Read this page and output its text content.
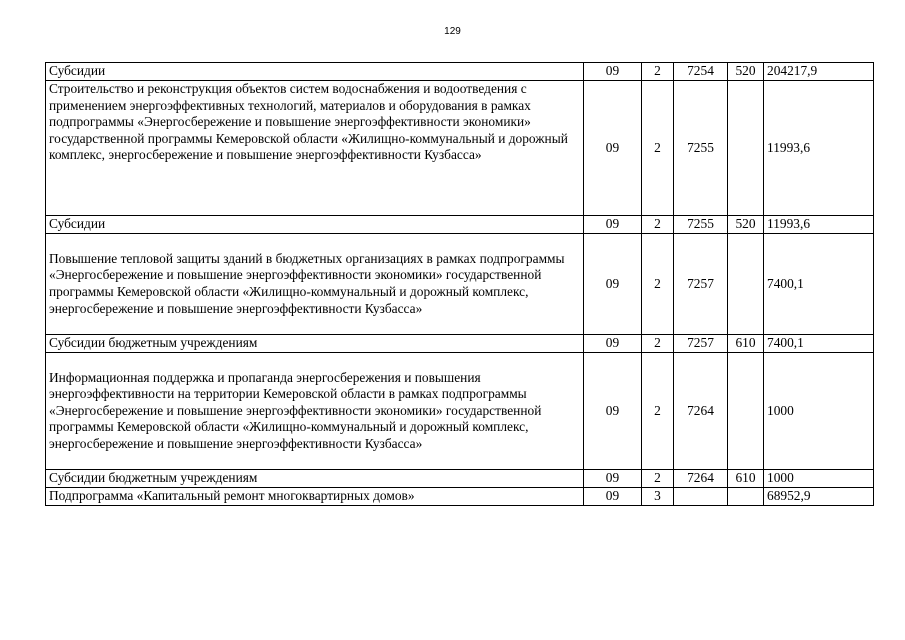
129
Субсидии	09	2	7254	520	204217,9
Строительство и реконструкция объектов систем водоснабжения и водоотведения с применением энергоэффективных технологий, материалов и оборудования в рамках подпрограммы «Энергосбережение и повышение энергоэффективности экономики» государственной программы Кемеровской области «Жилищно-коммунальный и дорожный комплекс, энергосбережение и повышение энергоэффективности Кузбасса»	09	2	7255		11993,6
Субсидии	09	2	7255	520	11993,6
Повышение тепловой защиты зданий в бюджетных организациях в рамках подпрограммы «Энергосбережение и повышение энергоэффективности экономики» государственной программы Кемеровской области «Жилищно-коммунальный и дорожный комплекс, энергосбережение и повышение энергоэффективности Кузбасса»	09	2	7257		7400,1
Субсидии бюджетным учреждениям	09	2	7257	610	7400,1
Информационная поддержка и пропаганда энергосбережения и повышения энергоэффективности на территории Кемеровской области в рамках подпрограммы «Энергосбережение и повышение энергоэффективности экономики» государственной программы Кемеровской области «Жилищно-коммунальный и дорожный комплекс, энергосбережение и повышение энергоэффективности Кузбасса»	09	2	7264		1000
Субсидии бюджетным учреждениям	09	2	7264	610	1000
Подпрограмма «Капитальный ремонт многоквартирных домов»	09	3			68952,9
